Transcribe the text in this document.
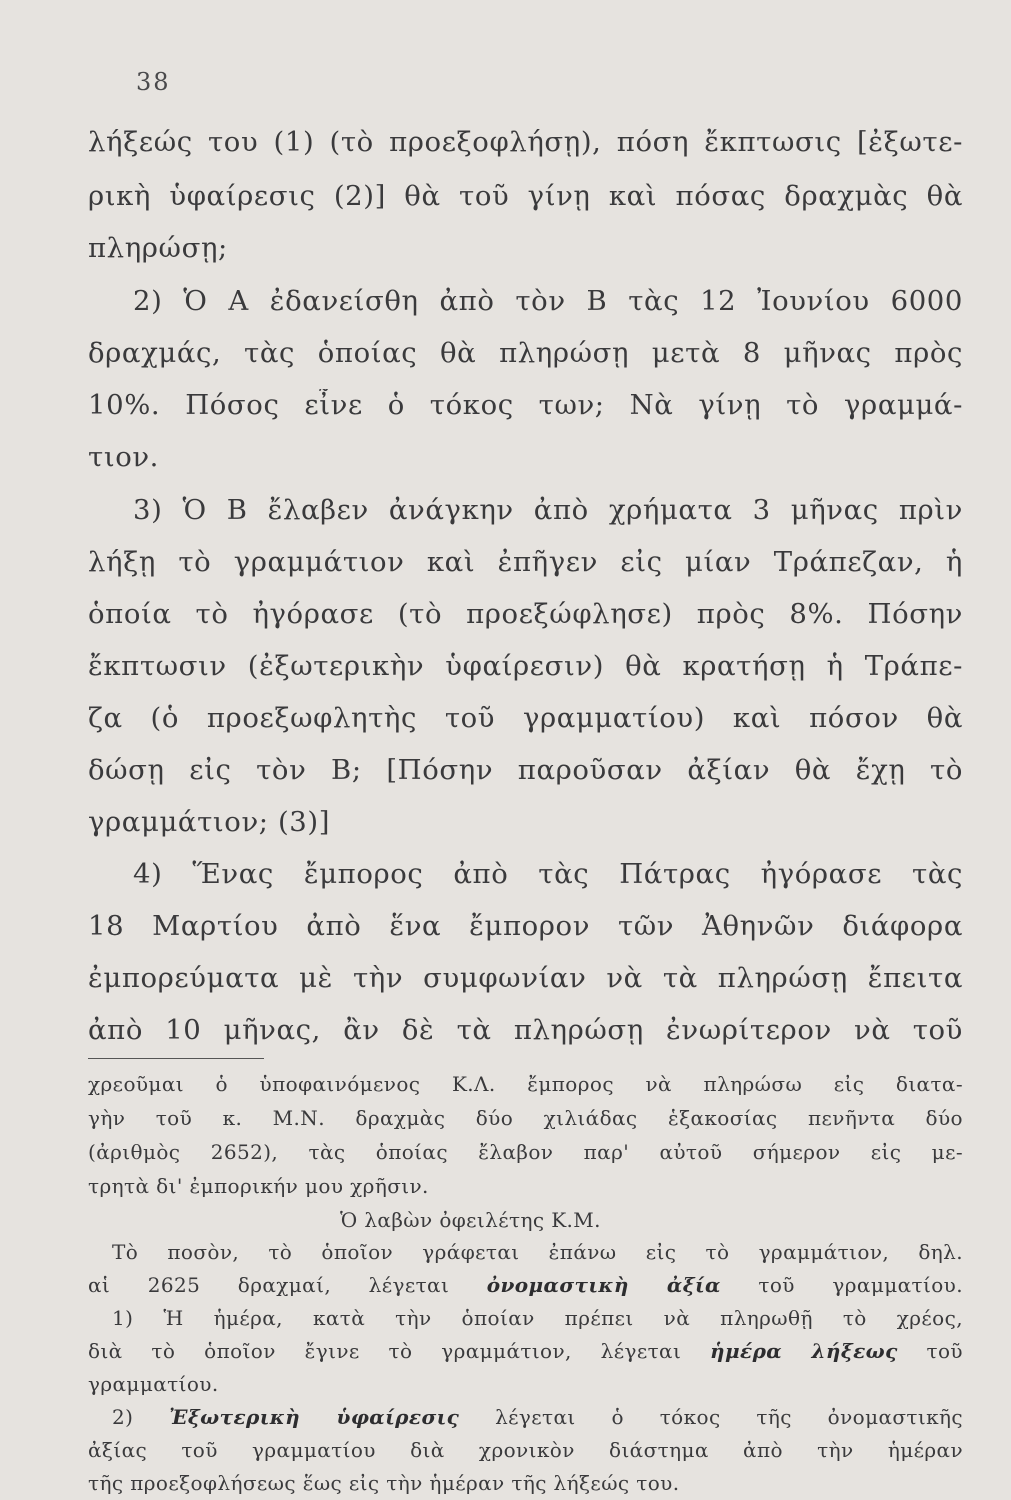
38
λήξεώς του (1) (τὸ προεξοφλήσῃ), πόση ἔκπτωσις [ἐξωτε-
ρικὴ ὑφαίρεσις (2)] θὰ τοῦ γίνῃ καὶ πόσας δραχμὰς θὰ
πληρώσῃ;
2) Ὁ Α ἐδανείσθη ἀπὸ τὸν Β τὰς 12 Ἰουνίου 6000
δραχμάς, τὰς ὁποίας θὰ πληρώσῃ μετὰ 8 μῆνας πρὸς
10%. Πόσος εἶνε ὁ τόκος των; Νὰ γίνῃ τὸ γραμμά-
τιον.
3) Ὁ Β ἔλαβεν ἀνάγκην ἀπὸ χρήματα 3 μῆνας πρὶν
λήξῃ τὸ γραμμάτιον καὶ ἐπῆγεν εἰς μίαν Τράπεζαν, ἡ
ὁποία τὸ ἠγόρασε (τὸ προεξώφλησε) πρὸς 8%. Πόσην
ἔκπτωσιν (ἐξωτερικὴν ὑφαίρεσιν) θὰ κρατήσῃ ἡ Τράπε-
ζα (ὁ προεξωφλητὴς τοῦ γραμματίου) καὶ πόσον θὰ
δώσῃ εἰς τὸν Β; [Πόσην παροῦσαν ἀξίαν θὰ ἔχῃ τὸ
γραμμάτιον; (3)]
4) Ἕνας ἔμπορος ἀπὸ τὰς Πάτρας ἠγόρασε τὰς
18 Μαρτίου ἀπὸ ἕνα ἔμπορον τῶν Ἀθηνῶν διάφορα
ἐμπορεύματα μὲ τὴν συμφωνίαν νὰ τὰ πληρώσῃ ἔπειτα
ἀπὸ 10 μῆνας, ἂν δὲ τὰ πληρώσῃ ἐνωρίτερον νὰ τοῦ
χρεοῦμαι ὁ ὑποφαινόμενος Κ.Λ. ἔμπορος νὰ πληρώσω εἰς διατα-
γὴν τοῦ κ. Μ.Ν. δραχμὰς δύο χιλιάδας ἑξακοσίας πενῆντα δύο
(ἀριθμὸς 2652), τὰς ὁποίας ἔλαβον παρ' αὐτοῦ σήμερον εἰς με-
τρητὰ δι' ἐμπορικήν μου χρῆσιν.
Ὁ λαβὼν ὀφειλέτης Κ.Μ.
Τὸ ποσὸν, τὸ ὁποῖον γράφεται ἐπάνω εἰς τὸ γραμμάτιον, δηλ.
αἱ 2625 δραχμαί, λέγεται ὀνομαστικὴ ἀξία τοῦ γραμματίου.
1) Ἡ ἡμέρα, κατὰ τὴν ὁποίαν πρέπει νὰ πληρωθῇ τὸ χρέος,
διὰ τὸ ὁποῖον ἔγινε τὸ γραμμάτιον, λέγεται ἡμέρα λήξεως τοῦ
γραμματίου.
2) Ἐξωτερικὴ ὑφαίρεσις λέγεται ὁ τόκος τῆς ὀνομαστικῆς
ἀξίας τοῦ γραμματίου διὰ χρονικὸν διάστημα ἀπὸ τὴν ἡμέραν
τῆς προεξοφλήσεως ἕως εἰς τὴν ἡμέραν τῆς λήξεώς του.
